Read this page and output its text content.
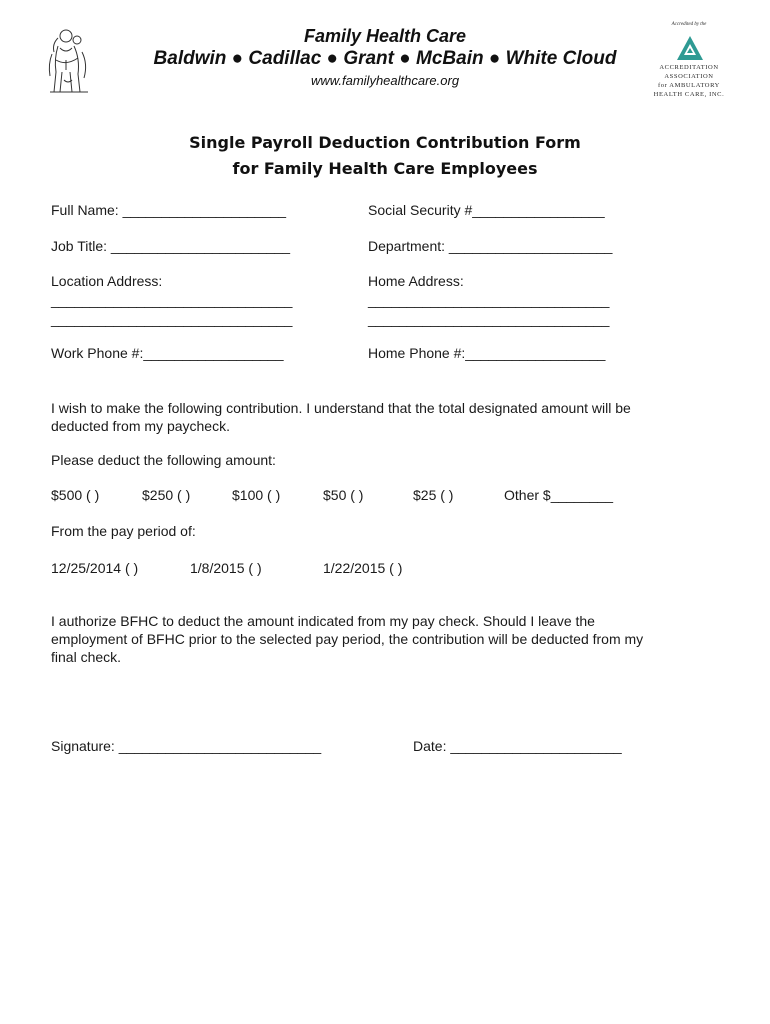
Family Health Care
Baldwin ● Cadillac ● Grant ● McBain ● White Cloud
www.familyhealthcare.org
Accredited by the
ACCREDITATION
ASSOCIATION
for AMBULATORY
HEALTH CARE, INC.
Single Payroll Deduction Contribution Form
for Family Health Care Employees
Full Name: _____________________	Social Security #_________________
Job Title: _______________________	Department: _____________________
Location Address:	Home Address:
_______________________________	_______________________________
_______________________________	_______________________________
Work Phone #:__________________	Home Phone #:__________________
I wish to make the following contribution. I understand that the total designated amount will be
deducted from my paycheck.
Please deduct the following amount:
$500 ( )	$250 ( )	$100 ( )	$50 ( )	$25 ( )	Other $________
From the pay period of:
12/25/2014 ( )	1/8/2015 ( )	1/22/2015 ( )
I authorize BFHC to deduct the amount indicated from my pay check. Should I leave the
employment of BFHC prior to the selected pay period, the contribution will be deducted from my
final check.
Signature: __________________________	Date: ______________________
